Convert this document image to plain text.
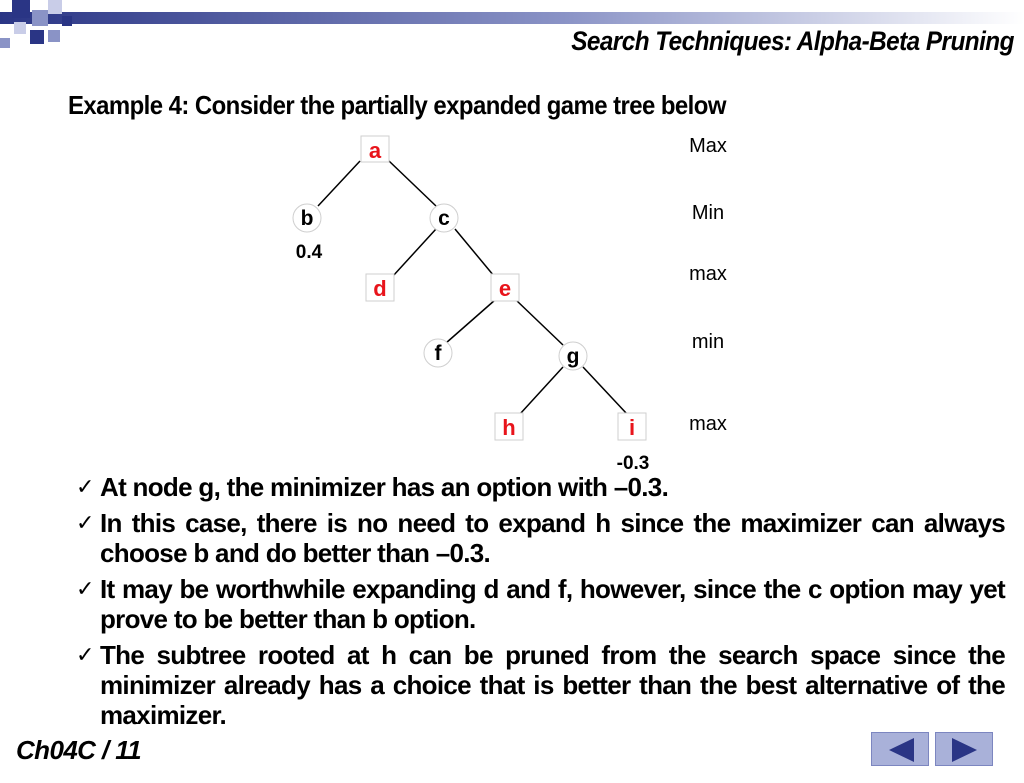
Search Techniques: Alpha-Beta Pruning
Example 4: Consider the partially expanded game tree below
a
d	e
h	i
b	c
f	g
0.4
-0.3
Max
Min
max
min
max
✓ At node g, the minimizer has an option with –0.3.
✓ In this case, there is no need to expand h since the maximizer can always choose b and do better than –0.3.
✓ It may be worthwhile expanding d and f, however, since the c option may yet prove to be better than b option.
✓ The subtree rooted at h can be pruned from the search space since the minimizer already has a choice that is better than the best alternative of the maximizer.
Ch04C / 11
